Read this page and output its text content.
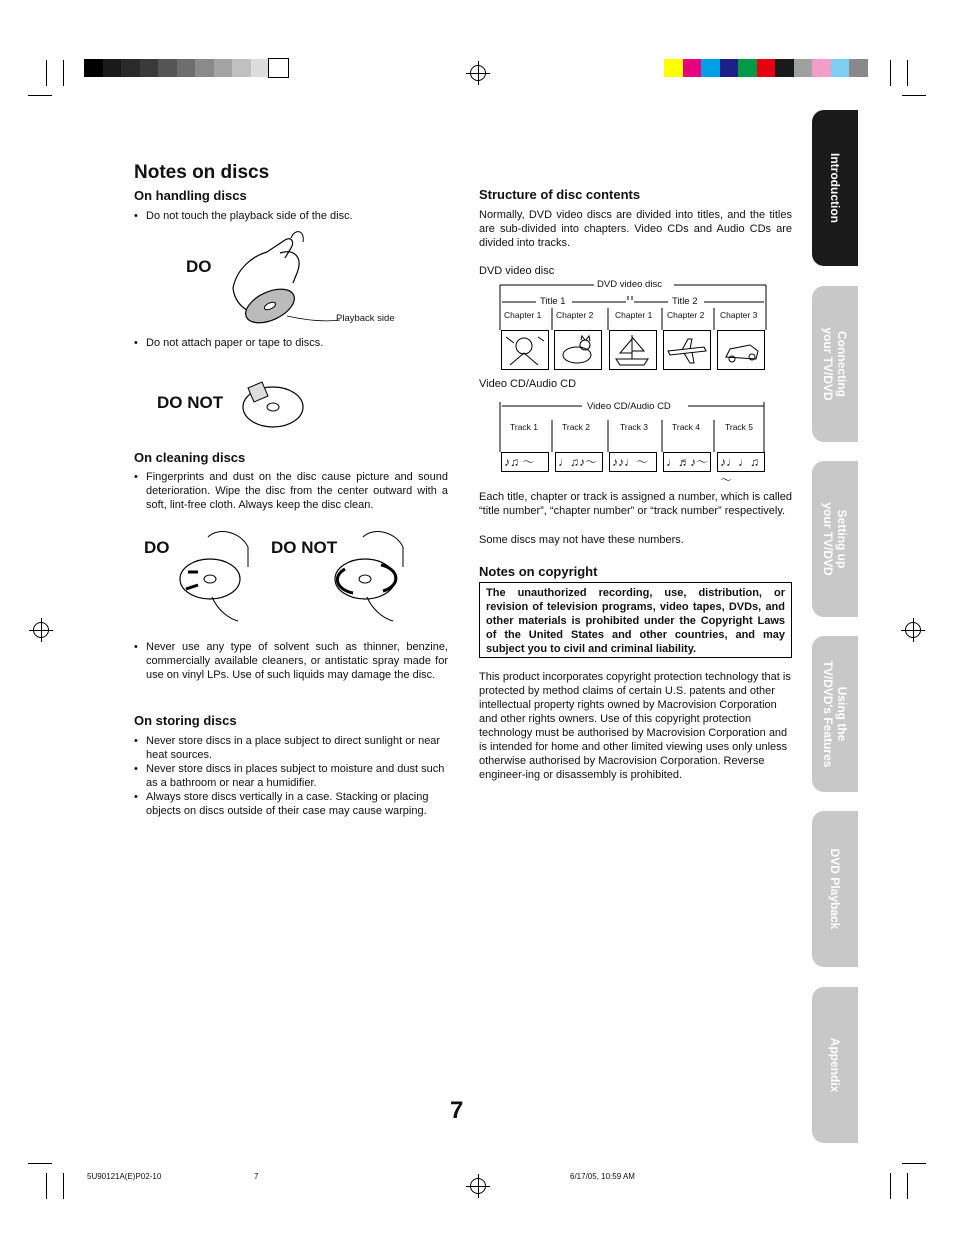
Notes on discs
On handling discs
• Do not touch the playback side of the disc.
DO
Playback side
• Do not attach paper or tape to discs.
DO NOT
On cleaning discs
• Fingerprints and dust on the disc cause picture and sound deterioration. Wipe the disc from the center outward with a soft, lint-free cloth. Always keep the disc clean.
DO	DO NOT
• Never use any type of solvent such as thinner, benzine, commercially available cleaners, or antistatic spray made for use on vinyl LPs. Use of such liquids may damage the disc.
On storing discs
• Never store discs in a place subject to direct sunlight or near heat sources.
• Never store discs in places subject to moisture and dust such as a bathroom or near a humidifier.
• Always store discs vertically in a case. Stacking or placing objects on discs outside of their case may cause warping.
Structure of disc contents
Normally, DVD video discs are divided into titles, and the titles are sub-divided into chapters. Video CDs and Audio CDs are divided into tracks.
DVD video disc
DVD video disc
Title 1	Title 2
Chapter 1 Chapter 2	Chapter 1 Chapter 2 Chapter 3
Video CD/Audio CD
Video CD/Audio CD
Track 1	Track 2	Track 3	Track 4	Track 5
♪♫ ～	♩♫♪～	♪♪♩～	♩♬♪～ ♪♩♩♫～
Each title, chapter or track is assigned a number, which is called “title number”, “chapter number” or “track number” respectively.
Some discs may not have these numbers.
Notes on copyright
The unauthorized recording, use, distribution, or revision of television programs, video tapes, DVDs, and other materials is prohibited under the Copyright Laws of the United States and other countries, and may subject you to civil and criminal liability.
This product incorporates copyright protection technology that is protected by method claims of certain U.S. patents and other intellectual property rights owned by Macrovision Corporation and other rights owners. Use of this copyright protection technology must be authorised by Macrovision Corporation and is intended for home and other limited viewing uses only unless otherwise authorised by Macrovision Corporation. Reverse engineer-ing or disassembly is prohibited.
Introduction
Connecting
your TV/DVD
Setting up
your TV/DVD
Using the
TV/DVD's Features
DVD Playback
Appendix
7
5U90121A(E)P02-10	7	6/17/05, 10:59 AM
